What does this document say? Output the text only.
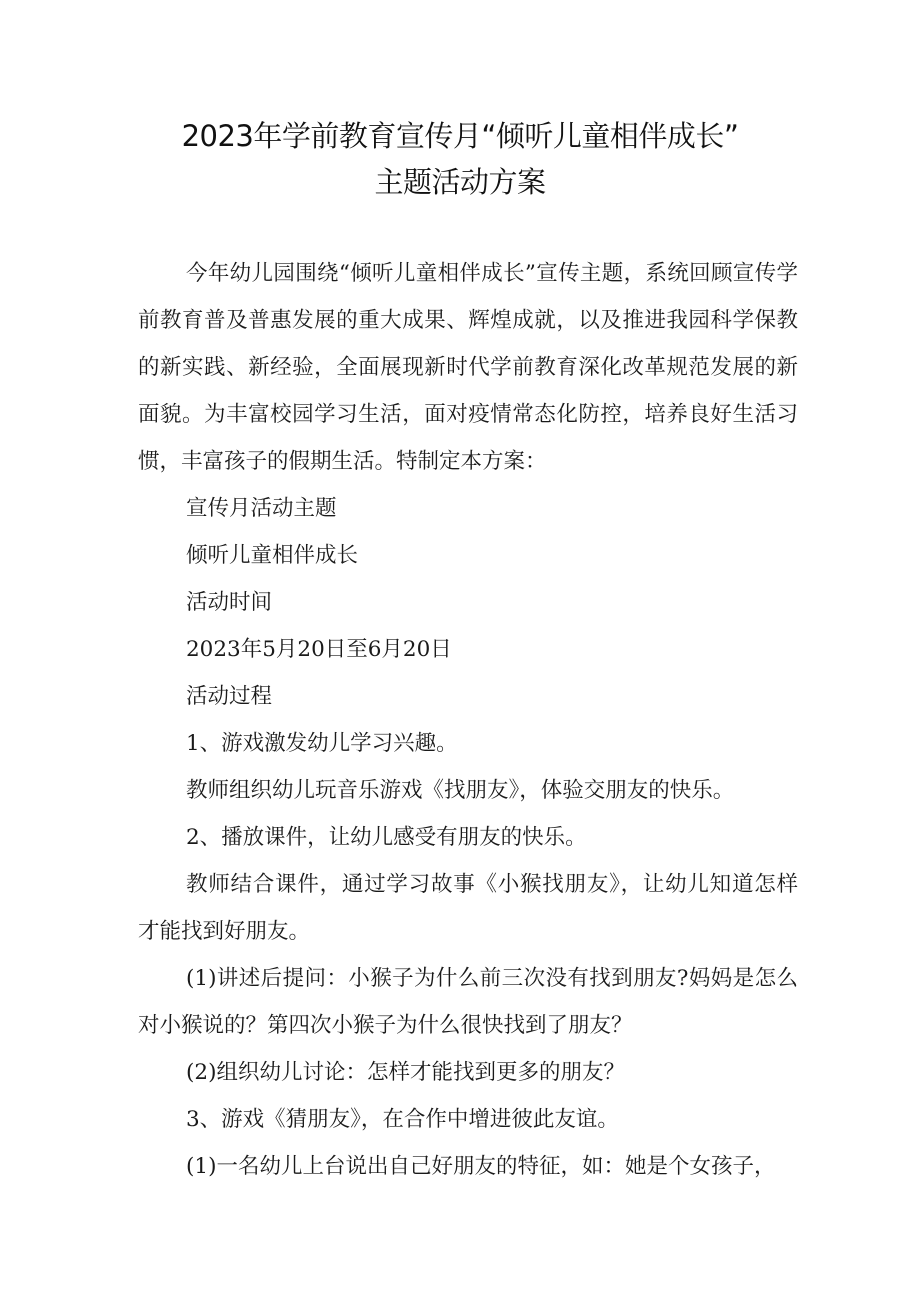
2023年学前教育宣传月“倾听儿童相伴成长”
主题活动方案

今年幼儿园围绕“倾听儿童相伴成长”宣传主题，系统回顾宣传学前教育普及普惠发展的重大成果、辉煌成就，以及推进我园科学保教的新实践、新经验，全面展现新时代学前教育深化改革规范发展的新面貌。为丰富校园学习生活，面对疫情常态化防控，培养良好生活习惯，丰富孩子的假期生活。特制定本方案：

宣传月活动主题

倾听儿童相伴成长

活动时间

2023年5月20日至6月20日

活动过程

1、游戏激发幼儿学习兴趣。

教师组织幼儿玩音乐游戏《找朋友》，体验交朋友的快乐。

2、播放课件，让幼儿感受有朋友的快乐。

教师结合课件，通过学习故事《小猴找朋友》，让幼儿知道怎样才能找到好朋友。

(1)讲述后提问：小猴子为什么前三次没有找到朋友?妈妈是怎么对小猴说的？第四次小猴子为什么很快找到了朋友？

(2)组织幼儿讨论：怎样才能找到更多的朋友？

3、游戏《猜朋友》，在合作中增进彼此友谊。

(1)一名幼儿上台说出自己好朋友的特征，如：她是个女孩子，
